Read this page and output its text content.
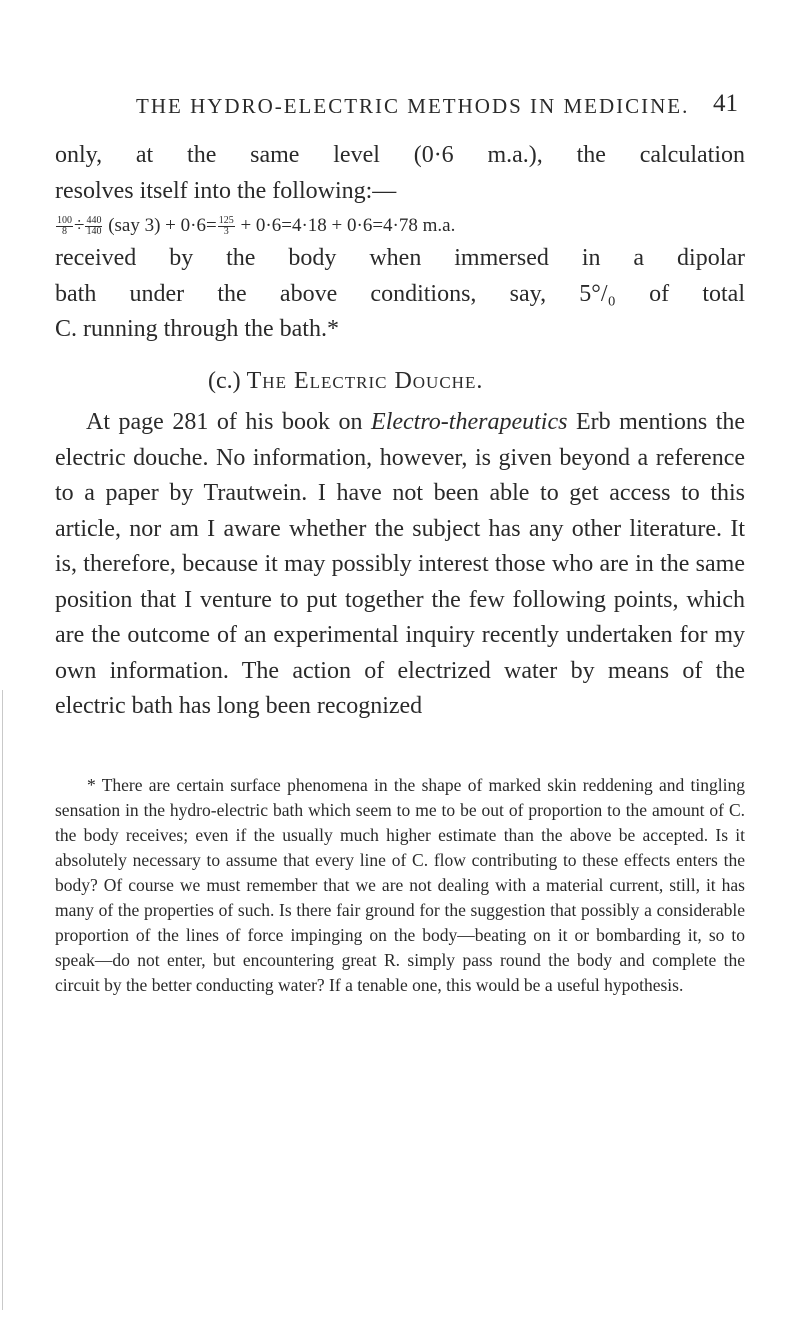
THE HYDRO-ELECTRIC METHODS IN MEDICINE. 41
only, at the same level (0·6 m.a.), the calculation
resolves itself into the following:—
$\frac{100}{8} \div \frac{440}{140} (say$ $3) + 0\cdot 6= \frac{125}{3} + 0\cdot 6=4\cdot 18 + 0\cdot 6=4\cdot 78$ m.a.
received by the body when immersed in a dipolar
bath under the above conditions, say, 5°/₀ of total
C. running through the bath.*
(c.) The Electric Douche.
At page 281 of his book on Electro-therapeutics Erb mentions the electric douche. No information, however, is given beyond a reference to a paper by Trautwein. I have not been able to get access to this article, nor am I aware whether the subject has any other literature. It is, therefore, because it may possibly interest those who are in the same position that I venture to put together the few following points, which are the outcome of an experimental inquiry recently undertaken for my own information. The action of electrized water by means of the electric bath has long been recognized
* There are certain surface phenomena in the shape of marked skin reddening and tingling sensation in the hydro-electric bath which seem to me to be out of proportion to the amount of C. the body receives; even if the usually much higher estimate than the above be accepted. Is it absolutely necessary to assume that every line of C. flow contributing to these effects enters the body? Of course we must remember that we are not dealing with a material current, still, it has many of the properties of such. Is there fair ground for the suggestion that possibly a considerable proportion of the lines of force impinging on the body—beating on it or bombarding it, so to speak—do not enter, but encountering great R. simply pass round the body and complete the circuit by the better conducting water? If a tenable one, this would be a useful hypothesis.
